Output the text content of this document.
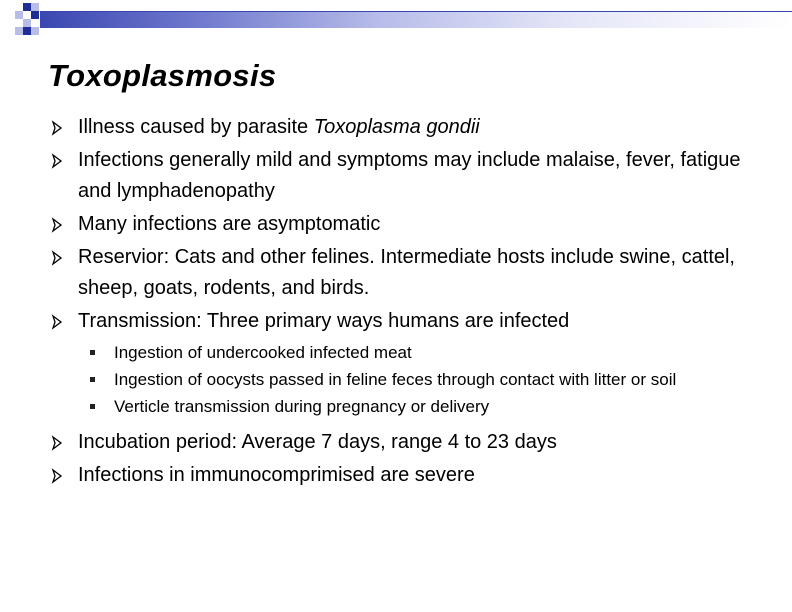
Toxoplasmosis
Illness caused by parasite Toxoplasma gondii
Infections generally mild and symptoms may include malaise, fever, fatigue and lymphadenopathy
Many infections are asymptomatic
Reservior: Cats and other felines. Intermediate hosts include swine, cattel, sheep, goats, rodents, and birds.
Transmission: Three primary ways humans are infected
Ingestion of undercooked infected meat
Ingestion of oocysts passed in feline feces through contact with litter or soil
Verticle transmission during pregnancy or delivery
Incubation period: Average 7 days, range 4 to 23 days
Infections in immunocomprimised are severe
